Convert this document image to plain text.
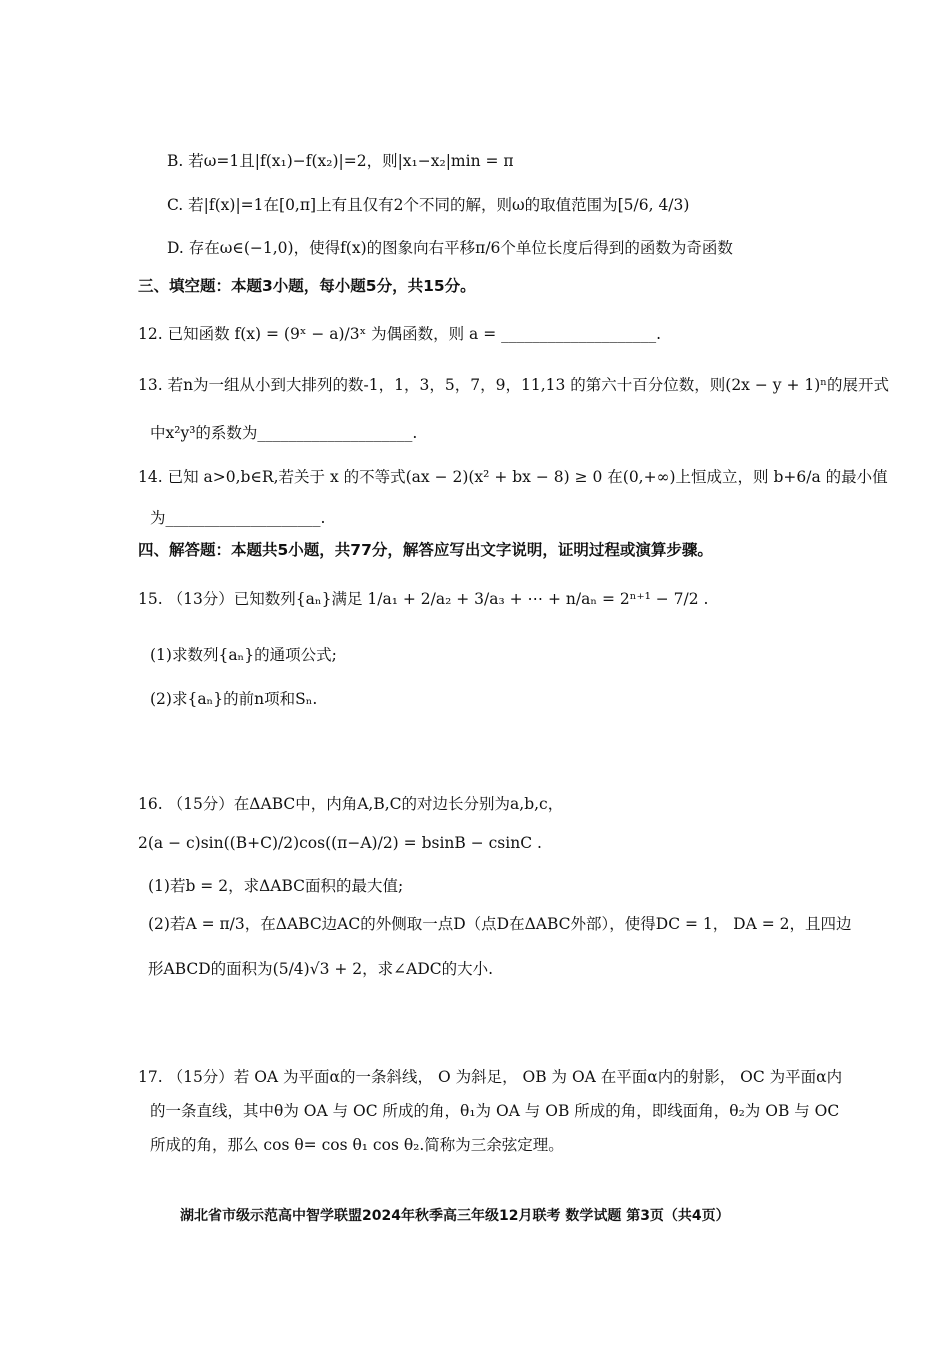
B. 若ω=1且|f(x₁)−f(x₂)|=2，则|x₁−x₂|min = π
C. 若|f(x)|=1在[0,π]上有且仅有2个不同的解，则ω的取值范围为[5/6, 4/3)
D. 存在ω∈(−1,0)，使得f(x)的图象向右平移π/6个单位长度后得到的函数为奇函数
三、填空题：本题3小题，每小题5分，共15分。
12. 已知函数 f(x) = (9ˣ − a)/3ˣ 为偶函数，则 a = ____________________.
13. 若n为一组从小到大排列的数-1，1，3，5，7，9，11,13 的第六十百分位数，则(2x − y + 1)ⁿ的展开式
中x²y³的系数为____________________.
14. 已知 a>0,b∈R,若关于 x 的不等式(ax − 2)(x² + bx − 8) ≥ 0 在(0,+∞)上恒成立，则 b+6/a 的最小值
为____________________.
四、解答题：本题共5小题，共77分，解答应写出文字说明，证明过程或演算步骤。
15. （13分）已知数列{aₙ}满足 1/a₁ + 2/a₂ + 3/a₃ + ⋯ + n/aₙ = 2ⁿ⁺¹ − 7/2 .
(1)求数列{aₙ}的通项公式;
(2)求{aₙ}的前n项和Sₙ.
16. （15分）在ΔABC中，内角A,B,C的对边长分别为a,b,c，
2(a − c)sin((B+C)/2)cos((π−A)/2) = bsinB − csinC .
(1)若b = 2，求ΔABC面积的最大值;
(2)若A = π/3，在ΔABC边AC的外侧取一点D（点D在ΔABC外部），使得DC = 1， DA = 2，且四边
形ABCD的面积为(5/4)√3 + 2，求∠ADC的大小.
17. （15分）若 OA 为平面α的一条斜线， O 为斜足， OB 为 OA 在平面α内的射影， OC 为平面α内
的一条直线，其中θ为 OA 与 OC 所成的角，θ₁为 OA 与 OB 所成的角，即线面角，θ₂为 OB 与 OC
所成的角，那么 cos θ= cos θ₁ cos θ₂.简称为三余弦定理。
湖北省市级示范高中智学联盟2024年秋季高三年级12月联考 数学试题 第3页（共4页）
